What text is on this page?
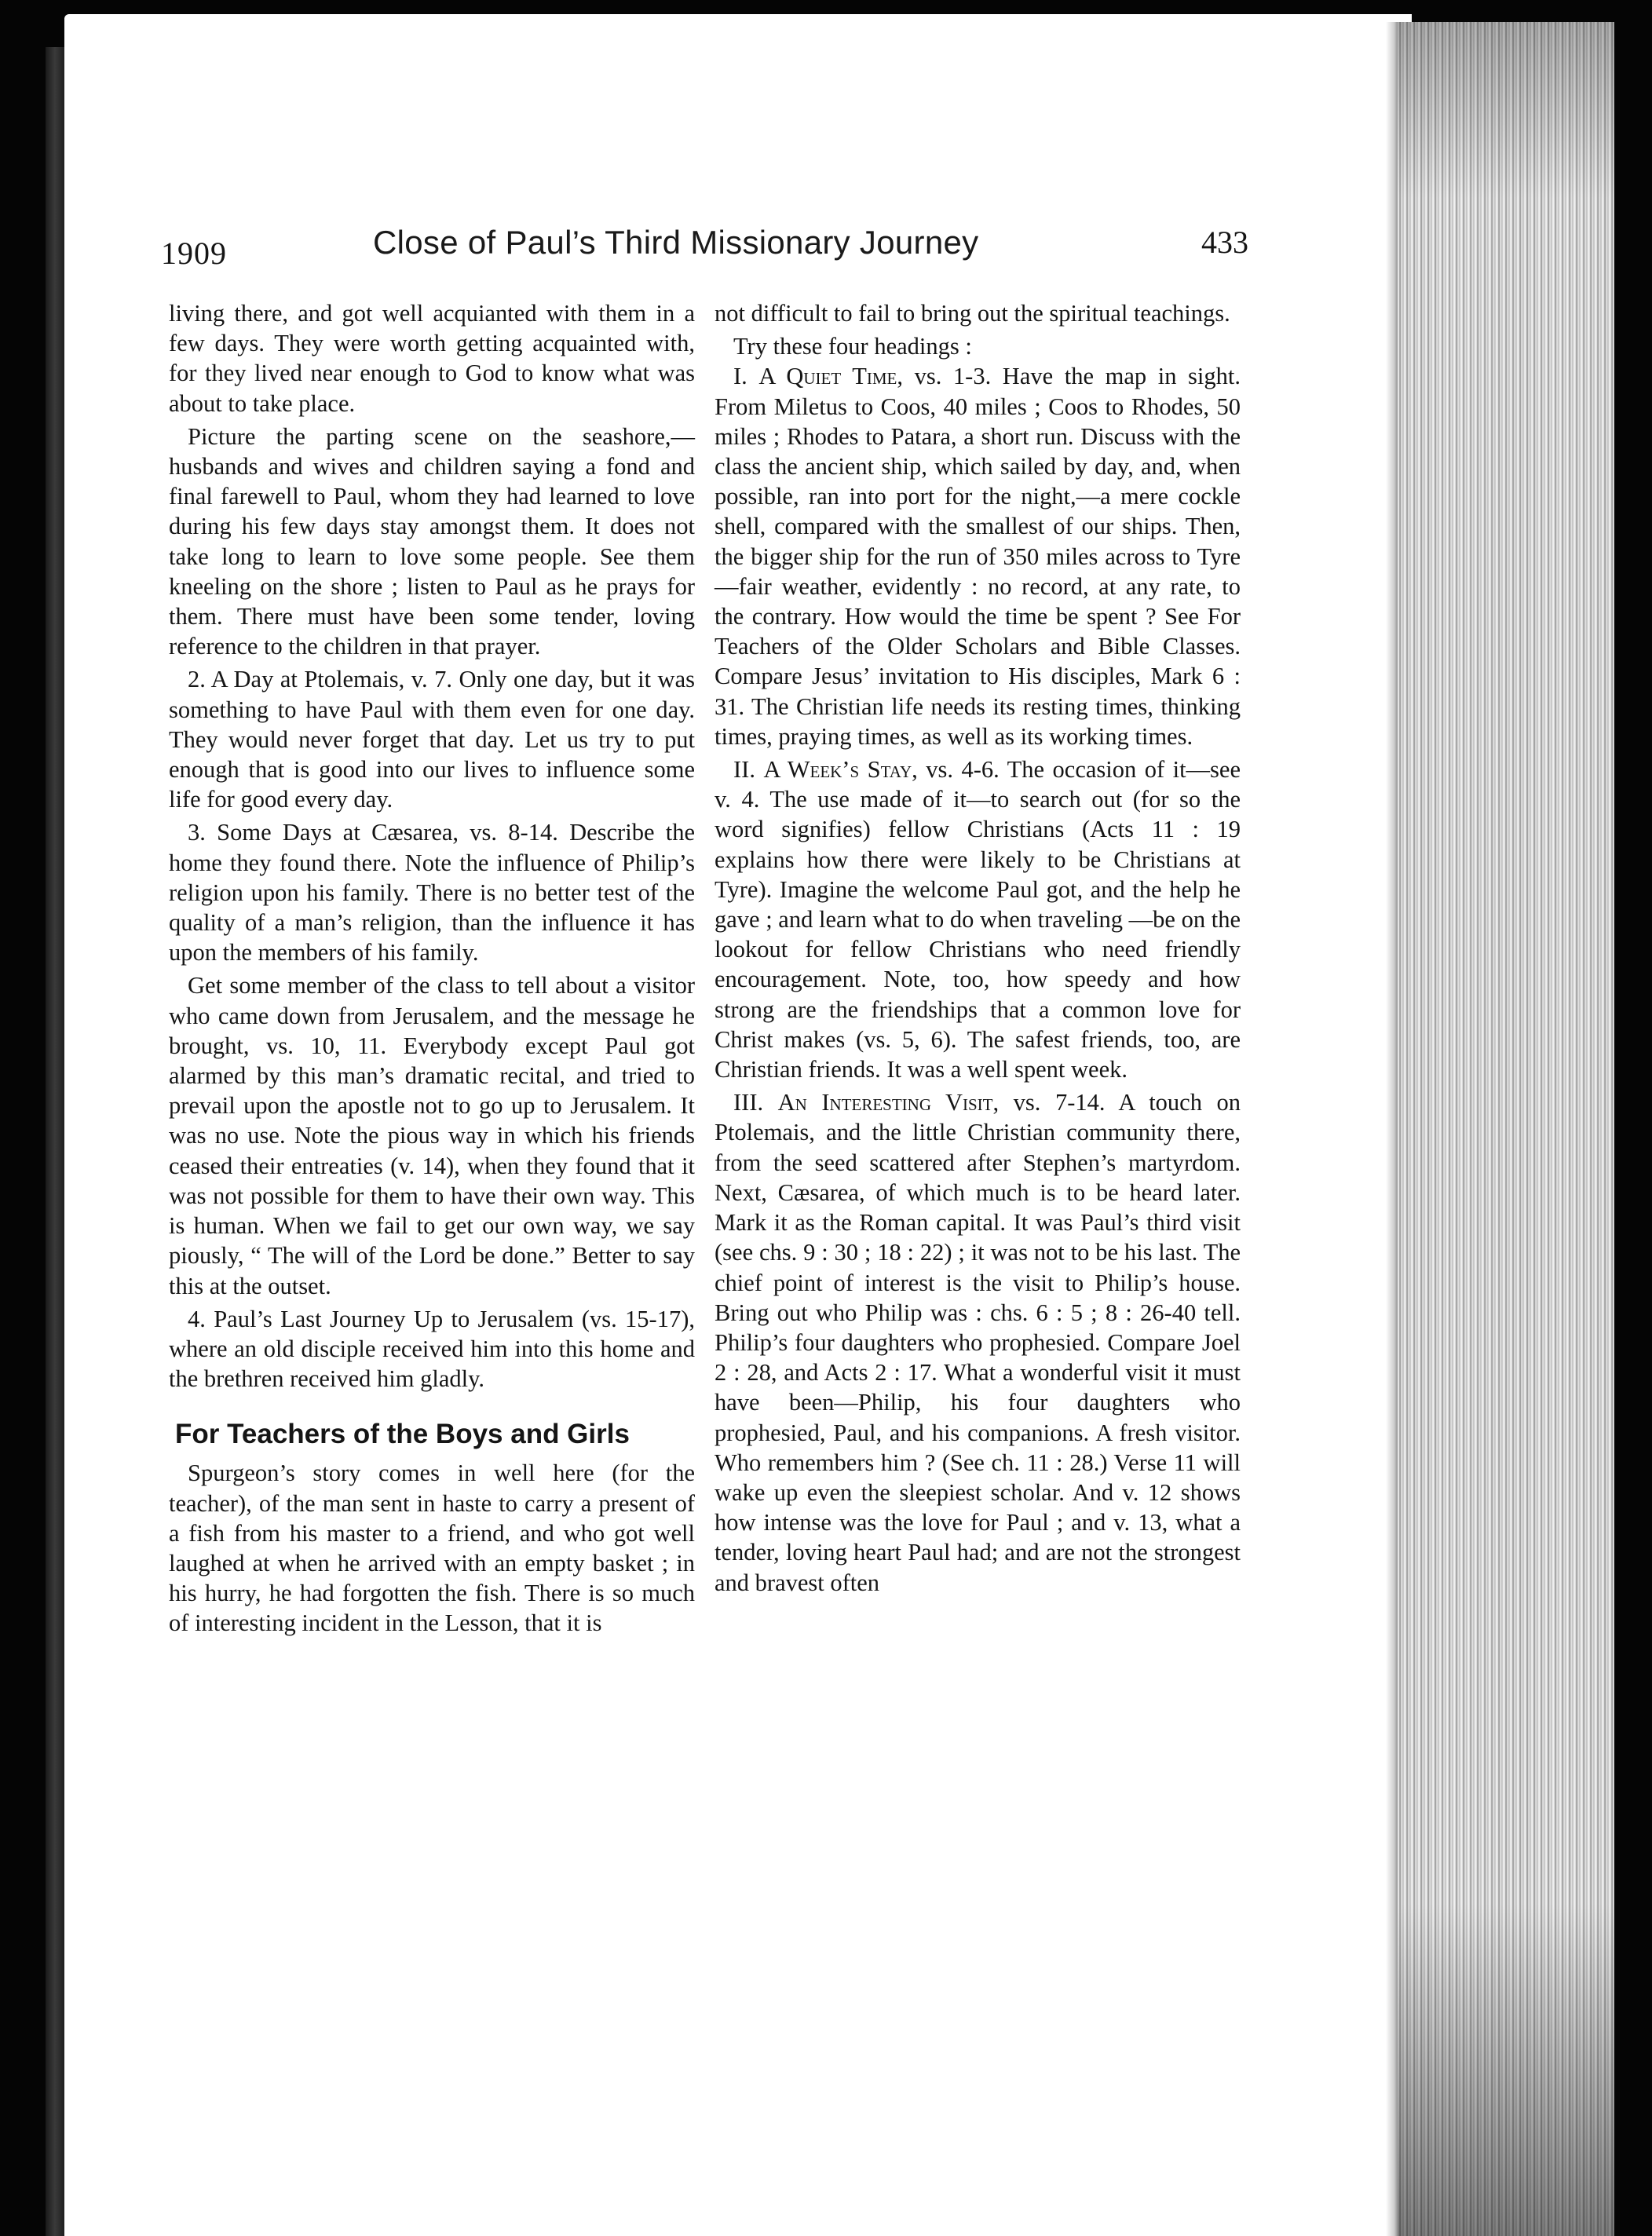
1909	Close of Paul’s Third Missionary Journey	433

living there, and got well acquianted with them in a few days. They were worth getting acquainted with, for they lived near enough to God to know what was about to take place.

Picture the parting scene on the seashore,—husbands and wives and children saying a fond and final farewell to Paul, whom they had learned to love during his few days stay amongst them. It does not take long to learn to love some people. See them kneeling on the shore ; listen to Paul as he prays for them. There must have been some tender, loving reference to the children in that prayer.

2. A Day at Ptolemais, v. 7. Only one day, but it was something to have Paul with them even for one day. They would never forget that day. Let us try to put enough that is good into our lives to influence some life for good every day.

3. Some Days at Cæsarea, vs. 8-14. Describe the home they found there. Note the influence of Philip’s religion upon his family. There is no better test of the quality of a man’s religion, than the influence it has upon the members of his family.

Get some member of the class to tell about a visitor who came down from Jerusalem, and the message he brought, vs. 10, 11. Everybody except Paul got alarmed by this man’s dramatic recital, and tried to prevail upon the apostle not to go up to Jerusalem. It was no use. Note the pious way in which his friends ceased their entreaties (v. 14), when they found that it was not possible for them to have their own way. This is human. When we fail to get our own way, we say piously, “ The will of the Lord be done.” Better to say this at the outset.

4. Paul’s Last Journey Up to Jerusalem (vs. 15-17), where an old disciple received him into this home and the brethren received him gladly.

For Teachers of the Boys and Girls

Spurgeon’s story comes in well here (for the teacher), of the man sent in haste to carry a present of a fish from his master to a friend, and who got well laughed at when he arrived with an empty basket ; in his hurry, he had forgotten the fish. There is so much of interesting incident in the Lesson, that it is

not difficult to fail to bring out the spiritual teachings.

Try these four headings :

I. A Quiet Time, vs. 1-3. Have the map in sight. From Miletus to Coos, 40 miles ; Coos to Rhodes, 50 miles ; Rhodes to Patara, a short run. Discuss with the class the ancient ship, which sailed by day, and, when possible, ran into port for the night,—a mere cockle shell, compared with the smallest of our ships. Then, the bigger ship for the run of 350 miles across to Tyre—fair weather, evidently : no record, at any rate, to the contrary. How would the time be spent ? See For Teachers of the Older Scholars and Bible Classes. Compare Jesus’ invitation to His disciples, Mark 6 : 31. The Christian life needs its resting times, thinking times, praying times, as well as its working times.

II. A Week’s Stay, vs. 4-6. The occasion of it—see v. 4. The use made of it—to search out (for so the word signifies) fellow Christians (Acts 11 : 19 explains how there were likely to be Christians at Tyre). Imagine the welcome Paul got, and the help he gave ; and learn what to do when traveling —be on the lookout for fellow Christians who need friendly encouragement. Note, too, how speedy and how strong are the friendships that a common love for Christ makes (vs. 5, 6). The safest friends, too, are Christian friends. It was a well spent week.

III. An Interesting Visit, vs. 7-14. A touch on Ptolemais, and the little Christian community there, from the seed scattered after Stephen’s martyrdom. Next, Cæsarea, of which much is to be heard later. Mark it as the Roman capital. It was Paul’s third visit (see chs. 9 : 30 ; 18 : 22) ; it was not to be his last. The chief point of interest is the visit to Philip’s house. Bring out who Philip was : chs. 6 : 5 ; 8 : 26-40 tell. Philip’s four daughters who prophesied. Compare Joel 2 : 28, and Acts 2 : 17. What a wonderful visit it must have been—Philip, his four daughters who prophesied, Paul, and his companions. A fresh visitor. Who remembers him ? (See ch. 11 : 28.) Verse 11 will wake up even the sleepiest scholar. And v. 12 shows how intense was the love for Paul ; and v. 13, what a tender, loving heart Paul had; and are not the strongest and bravest often
